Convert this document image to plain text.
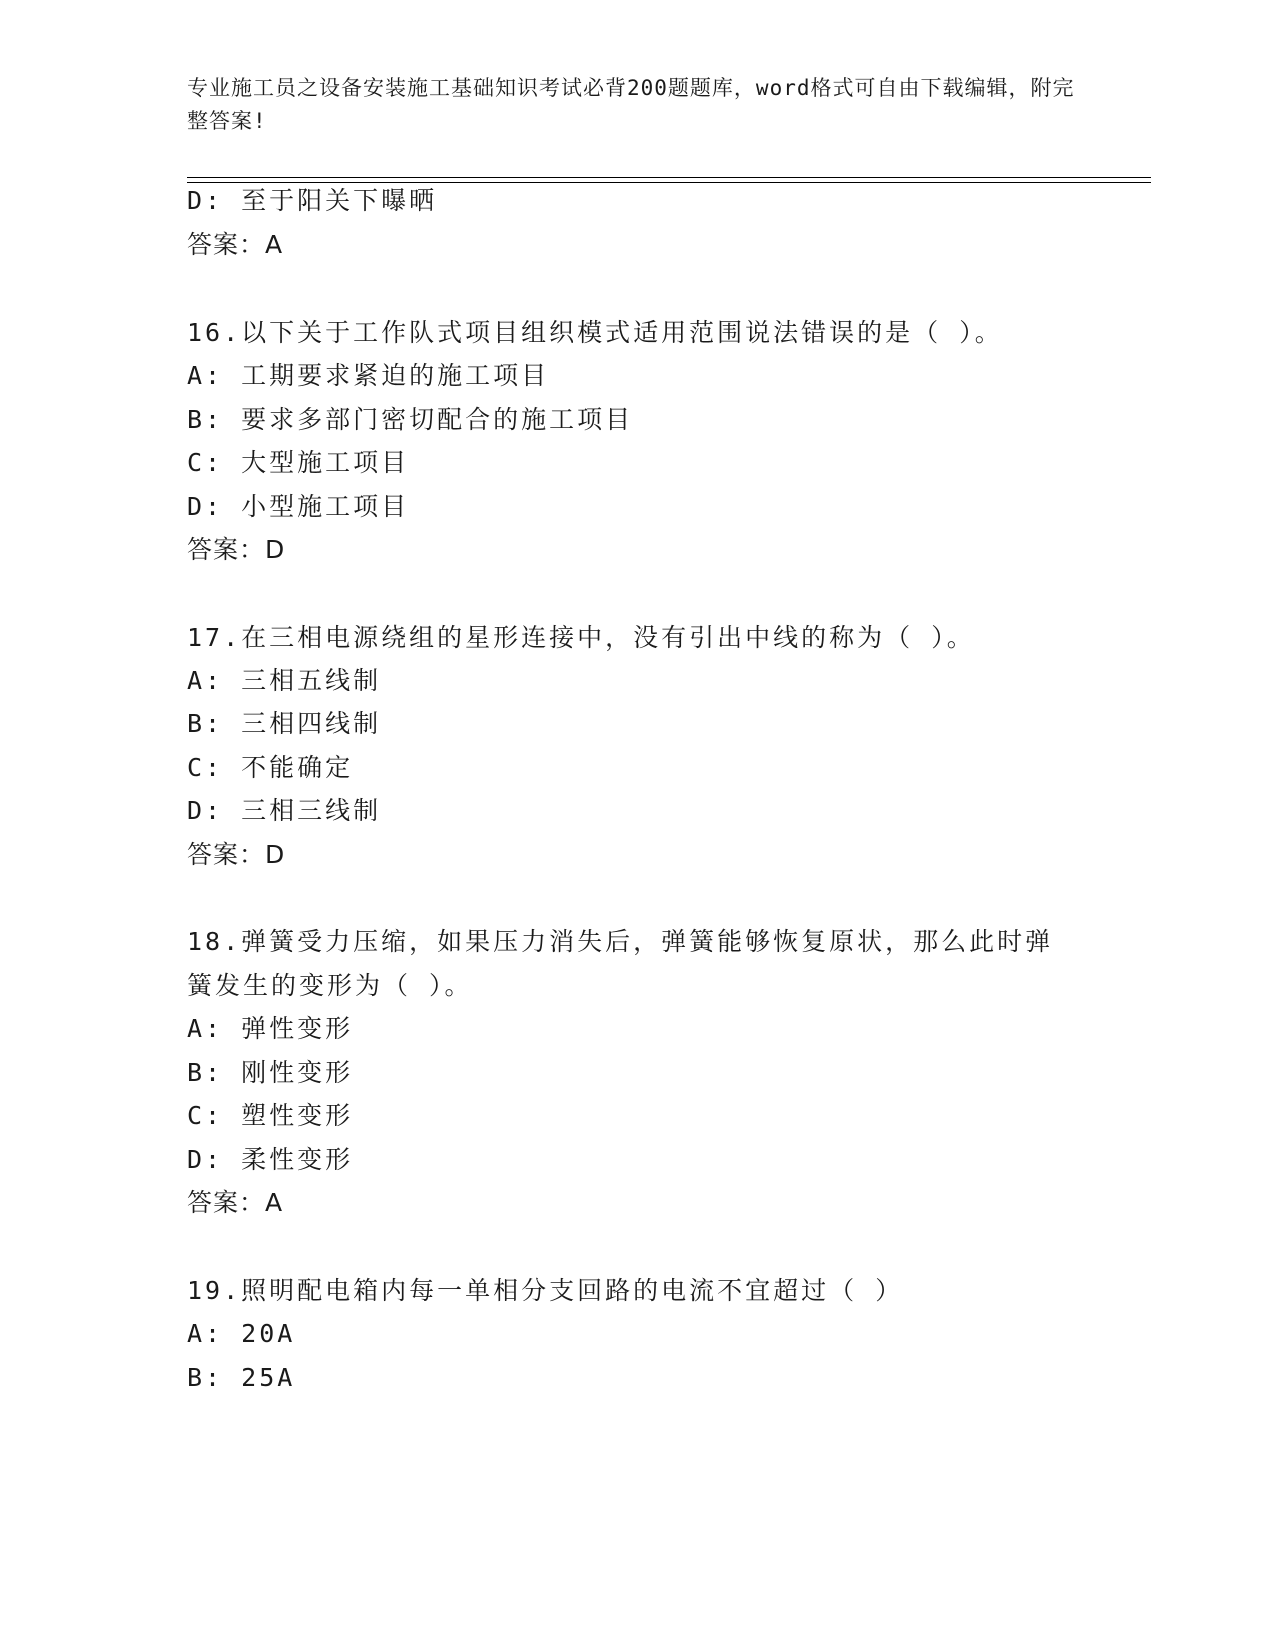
专业施工员之设备安装施工基础知识考试必背200题题库，word格式可自由下载编辑，附完整答案!
D: 至于阳关下曝晒
答案：A
16.以下关于工作队式项目组织模式适用范围说法错误的是（ ）。
A: 工期要求紧迫的施工项目
B: 要求多部门密切配合的施工项目
C: 大型施工项目
D: 小型施工项目
答案：D
17.在三相电源绕组的星形连接中，没有引出中线的称为（ ）。
A: 三相五线制
B: 三相四线制
C: 不能确定
D: 三相三线制
答案：D
18.弹簧受力压缩，如果压力消失后，弹簧能够恢复原状，那么此时弹
簧发生的变形为（ ）。
A: 弹性变形
B: 刚性变形
C: 塑性变形
D: 柔性变形
答案：A
19.照明配电箱内每一单相分支回路的电流不宜超过（ ）
A: 20A
B: 25A
